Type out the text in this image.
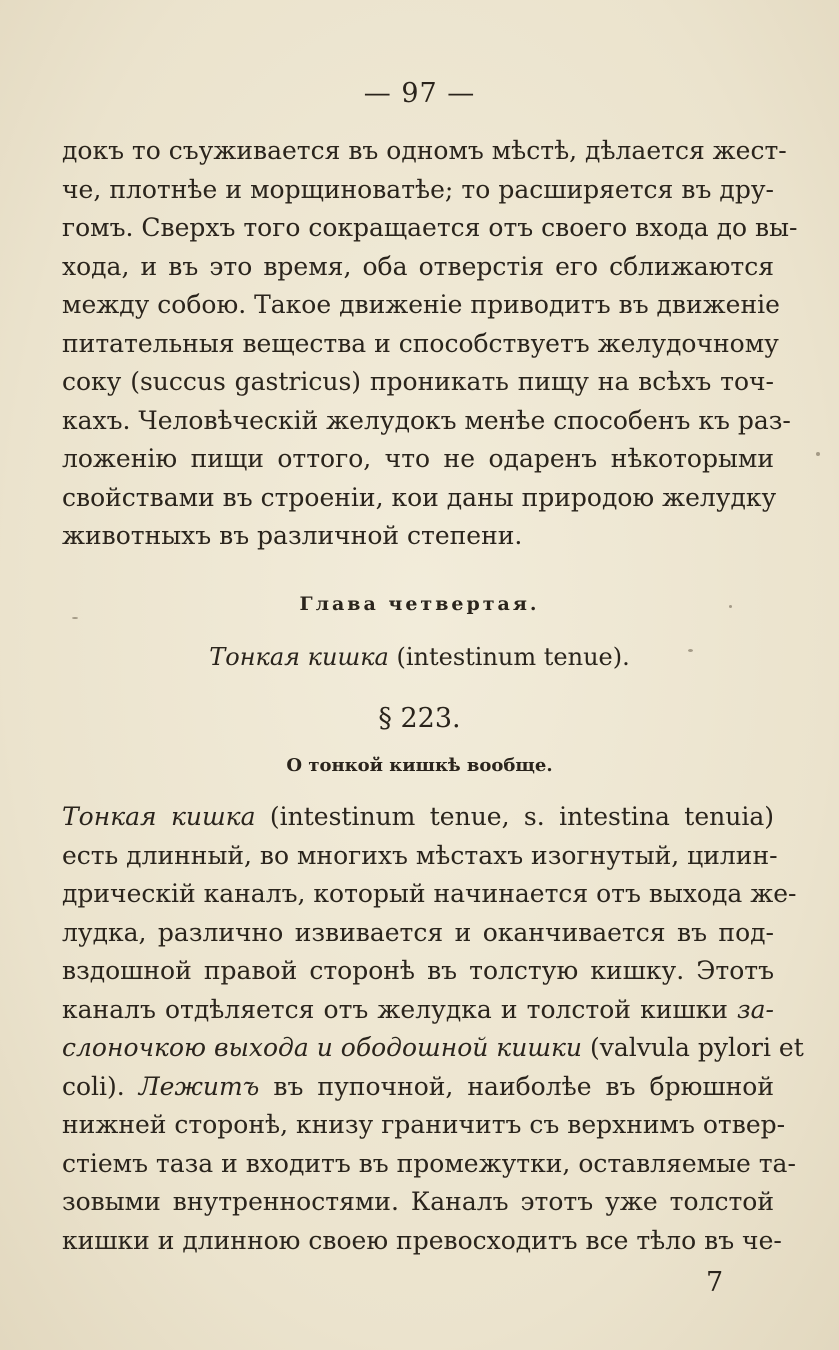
— 97 —
докъ то съуживается въ одномъ мѣстѣ, дѣлается жест-
че, плотнѣе и морщиноватѣе; то расширяется въ дру-
гомъ. Сверхъ того сокращается отъ своего входа до вы-
хода, и въ это время, оба отверстія его сближаются
между собою. Такое движеніе приводитъ въ движеніе
питательныя вещества и способствуетъ желудочному
соку (succus gastricus) проникать пищу на всѣхъ точ-
кахъ. Человѣческій желудокъ менѣе способенъ къ раз-
ложенію пищи оттого, что не одаренъ нѣкоторыми
свойствами въ строеніи, кои даны природою желудку
животныхъ въ различной степени.
Глава четвертая.
Тонкая кишка (intestinum tenue).
§ 223.
О тонкой кишкѣ вообще.
Тонкая кишка (intestinum tenue, s. intestina tenuia)
есть длинный, во многихъ мѣстахъ изогнутый, цилин-
дрическій каналъ, который начинается отъ выхода же-
лудка, различно извивается и оканчивается въ под-
вздошной правой сторонѣ въ толстую кишку. Этотъ
каналъ отдѣляется отъ желудка и толстой кишки за-
слоночкою выхода и ободошной кишки (valvula pylori et
coli). Лежитъ въ пупочной, наиболѣе въ брюшной
нижней сторонѣ, книзу граничитъ съ верхнимъ отвер-
стіемъ таза и входитъ въ промежутки, оставляемые та-
зовыми внутренностями. Каналъ этотъ уже толстой
кишки и длинною своею превосходитъ все тѣло въ че-
7
